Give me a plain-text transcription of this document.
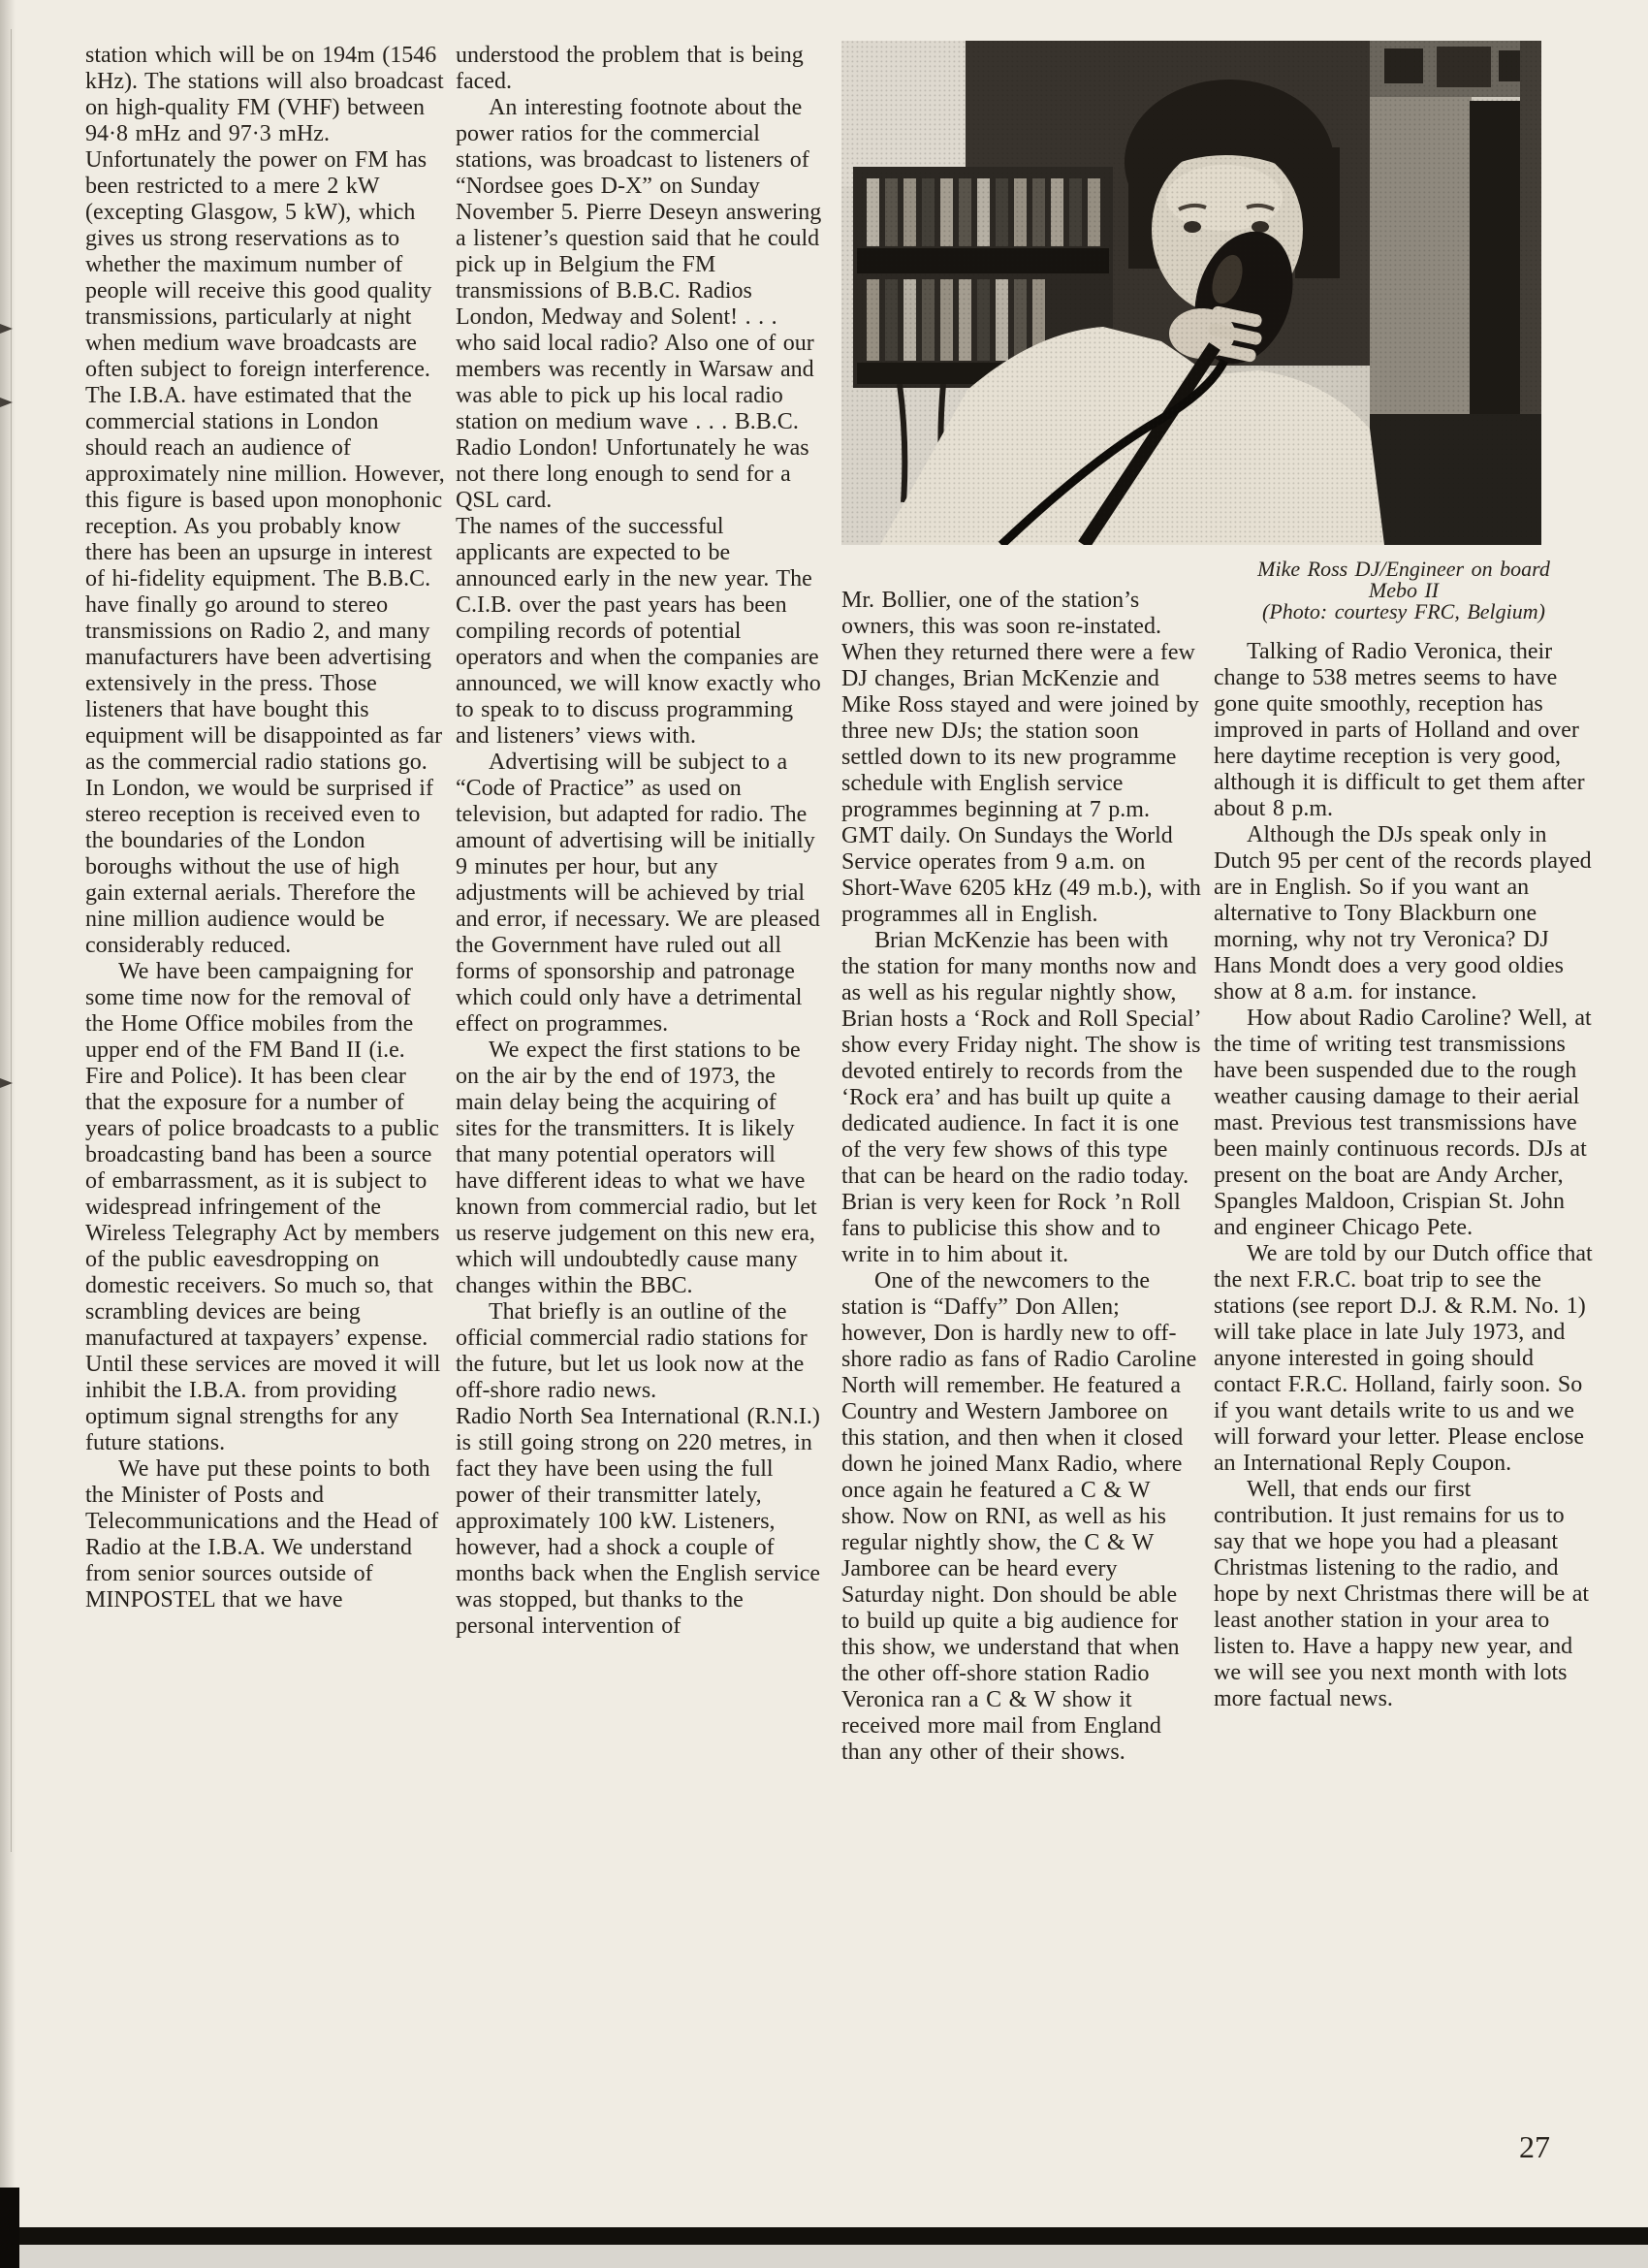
station which will be on 194m (1546 kHz). The stations will also broadcast on high-quality FM (VHF) between 94·8 mHz and 97·3 mHz. Unfortunately the power on FM has been restricted to a mere 2 kW (excepting Glasgow, 5 kW), which gives us strong reservations as to whether the maximum number of people will receive this good quality transmissions, particularly at night when medium wave broadcasts are often subject to foreign interference.

The I.B.A. have estimated that the commercial stations in London should reach an audience of approximately nine million. However, this figure is based upon monophonic reception. As you probably know there has been an upsurge in interest of hi-fidelity equipment. The B.B.C. have finally go around to stereo transmissions on Radio 2, and many manufacturers have been advertising extensively in the press. Those listeners that have bought this equipment will be disappointed as far as the commercial radio stations go. In London, we would be surprised if stereo reception is received even to the boundaries of the London boroughs without the use of high gain external aerials. Therefore the nine million audience would be considerably reduced.

We have been campaigning for some time now for the removal of the Home Office mobiles from the upper end of the FM Band II (i.e. Fire and Police). It has been clear that the exposure for a number of years of police broadcasts to a public broadcasting band has been a source of embarrassment, as it is subject to widespread infringement of the Wireless Telegraphy Act by members of the public eavesdropping on domestic receivers. So much so, that scrambling devices are being manufactured at taxpayers’ expense. Until these services are moved it will inhibit the I.B.A. from providing optimum signal strengths for any future stations.

We have put these points to both the Minister of Posts and Telecommunications and the Head of Radio at the I.B.A. We understand from senior sources outside of MINPOSTEL that we have

understood the problem that is being faced.

An interesting footnote about the power ratios for the commercial stations, was broadcast to listeners of “Nordsee goes D-X” on Sunday November 5. Pierre Deseyn answering a listener’s question said that he could pick up in Belgium the FM transmissions of B.B.C. Radios London, Medway and Solent! . . . who said local radio? Also one of our members was recently in Warsaw and was able to pick up his local radio station on medium wave . . . B.B.C. Radio London! Unfortunately he was not there long enough to send for a QSL card.

The names of the successful applicants are expected to be announced early in the new year. The C.I.B. over the past years has been compiling records of potential operators and when the companies are announced, we will know exactly who to speak to to discuss programming and listeners’ views with.

Advertising will be subject to a “Code of Practice” as used on television, but adapted for radio. The amount of advertising will be initially 9 minutes per hour, but any adjustments will be achieved by trial and error, if necessary. We are pleased the Government have ruled out all forms of sponsorship and patronage which could only have a detrimental effect on programmes.

We expect the first stations to be on the air by the end of 1973, the main delay being the acquiring of sites for the transmitters. It is likely that many potential operators will have different ideas to what we have known from commercial radio, but let us reserve judgement on this new era, which will undoubtedly cause many changes within the BBC.

That briefly is an outline of the official commercial radio stations for the future, but let us look now at the off-shore radio news.

Radio North Sea International (R.N.I.) is still going strong on 220 metres, in fact they have been using the full power of their transmitter lately, approximately 100 kW. Listeners, however, had a shock a couple of months back when the English service was stopped, but thanks to the personal intervention of

Mr. Bollier, one of the station’s owners, this was soon re-instated. When they returned there were a few DJ changes, Brian McKenzie and Mike Ross stayed and were joined by three new DJs; the station soon settled down to its new programme schedule with English service programmes beginning at 7 p.m. GMT daily. On Sundays the World Service operates from 9 a.m. on Short-Wave 6205 kHz (49 m.b.), with programmes all in English.

Brian McKenzie has been with the station for many months now and as well as his regular nightly show, Brian hosts a ‘Rock and Roll Special’ show every Friday night. The show is devoted entirely to records from the ‘Rock era’ and has built up quite a dedicated audience. In fact it is one of the very few shows of this type that can be heard on the radio today. Brian is very keen for Rock ’n Roll fans to publicise this show and to write in to him about it.

One of the newcomers to the station is “Daffy” Don Allen; however, Don is hardly new to off-shore radio as fans of Radio Caroline North will remember. He featured a Country and Western Jamboree on this station, and then when it closed down he joined Manx Radio, where once again he featured a C & W show. Now on RNI, as well as his regular nightly show, the C & W Jamboree can be heard every Saturday night. Don should be able to build up quite a big audience for this show, we understand that when the other off-shore station Radio Veronica ran a C & W show it received more mail from England than any other of their shows.

Mike Ross DJ/Engineer on board
Mebo II
(Photo: courtesy FRC, Belgium)

Talking of Radio Veronica, their change to 538 metres seems to have gone quite smoothly, reception has improved in parts of Holland and over here daytime reception is very good, although it is difficult to get them after about 8 p.m.

Although the DJs speak only in Dutch 95 per cent of the records played are in English. So if you want an alternative to Tony Blackburn one morning, why not try Veronica? DJ Hans Mondt does a very good oldies show at 8 a.m. for instance.

How about Radio Caroline? Well, at the time of writing test transmissions have been suspended due to the rough weather causing damage to their aerial mast. Previous test transmissions have been mainly continuous records. DJs at present on the boat are Andy Archer, Spangles Maldoon, Crispian St. John and engineer Chicago Pete.

We are told by our Dutch office that the next F.R.C. boat trip to see the stations (see report D.J. & R.M. No. 1) will take place in late July 1973, and anyone interested in going should contact F.R.C. Holland, fairly soon. So if you want details write to us and we will forward your letter. Please enclose an International Reply Coupon.

Well, that ends our first contribution. It just remains for us to say that we hope you had a pleasant Christmas listening to the radio, and hope by next Christmas there will be at least another station in your area to listen to. Have a happy new year, and we will see you next month with lots more factual news.

27
